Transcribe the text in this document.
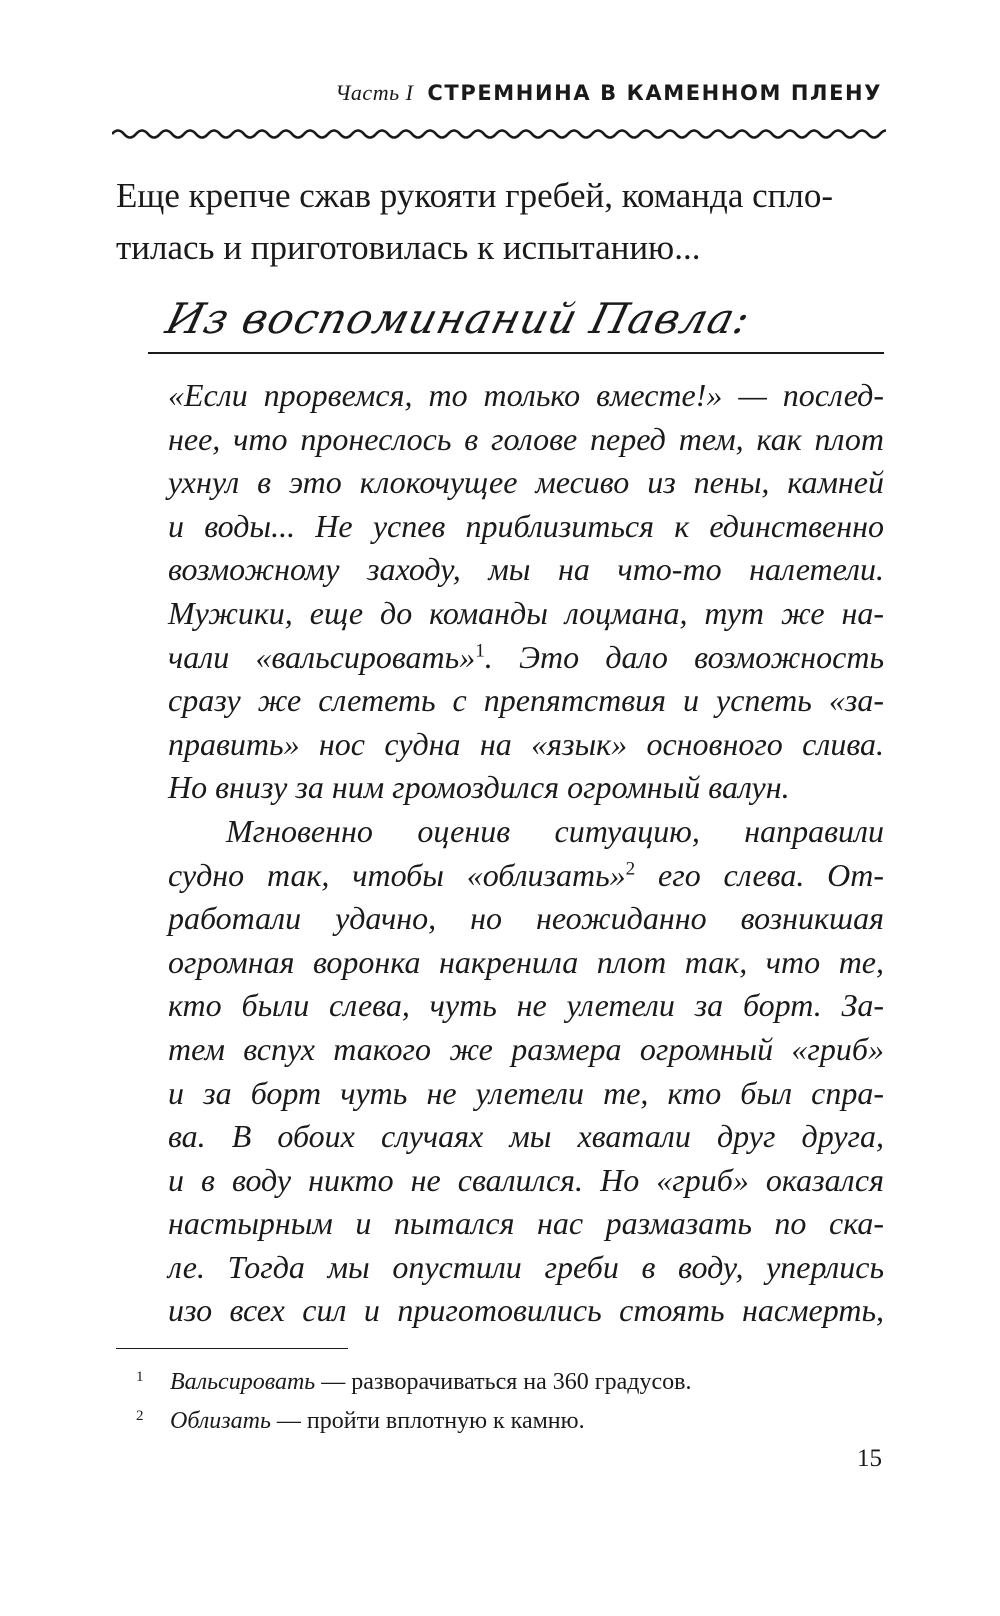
Часть I СТРЕМНИНА В КАМЕННОМ ПЛЕНУ
Еще крепче сжав рукояти гребей, команда спло-
тилась и приготовилась к испытанию...
Из воспоминаний Павла:
«Если прорвемся, то только вместе!» — послед-
нее, что пронеслось в голове перед тем, как плот
ухнул в это клокочущее месиво из пены, камней
и воды... Не успев приблизиться к единственно
возможному заходу, мы на что-то налетели.
Мужики, еще до команды лоцмана, тут же на-
чали «вальсировать»$^1$. Это дало возможность
сразу же слететь с препятствия и успеть «за-
править» нос судна на «язык» основного слива.
Но внизу за ним громоздился огромный валун.
Мгновенно оценив ситуацию, направили
судно так, чтобы «облизать»$^2$ его слева. От-
работали удачно, но неожиданно возникшая
огромная воронка накренила плот так, что те,
кто были слева, чуть не улетели за борт. За-
тем вспух такого же размера огромный «гриб»
и за борт чуть не улетели те, кто был спра-
ва. В обоих случаях мы хватали друг друга,
и в воду никто не свалился. Но «гриб» оказался
настырным и пытался нас размазать по ска-
ле. Тогда мы опустили греби в воду, уперлись
изо всех сил и приготовились стоять насмерть,
1 Вальсировать — разворачиваться на 360 градусов.
2 Облизать — пройти вплотную к камню.
15
